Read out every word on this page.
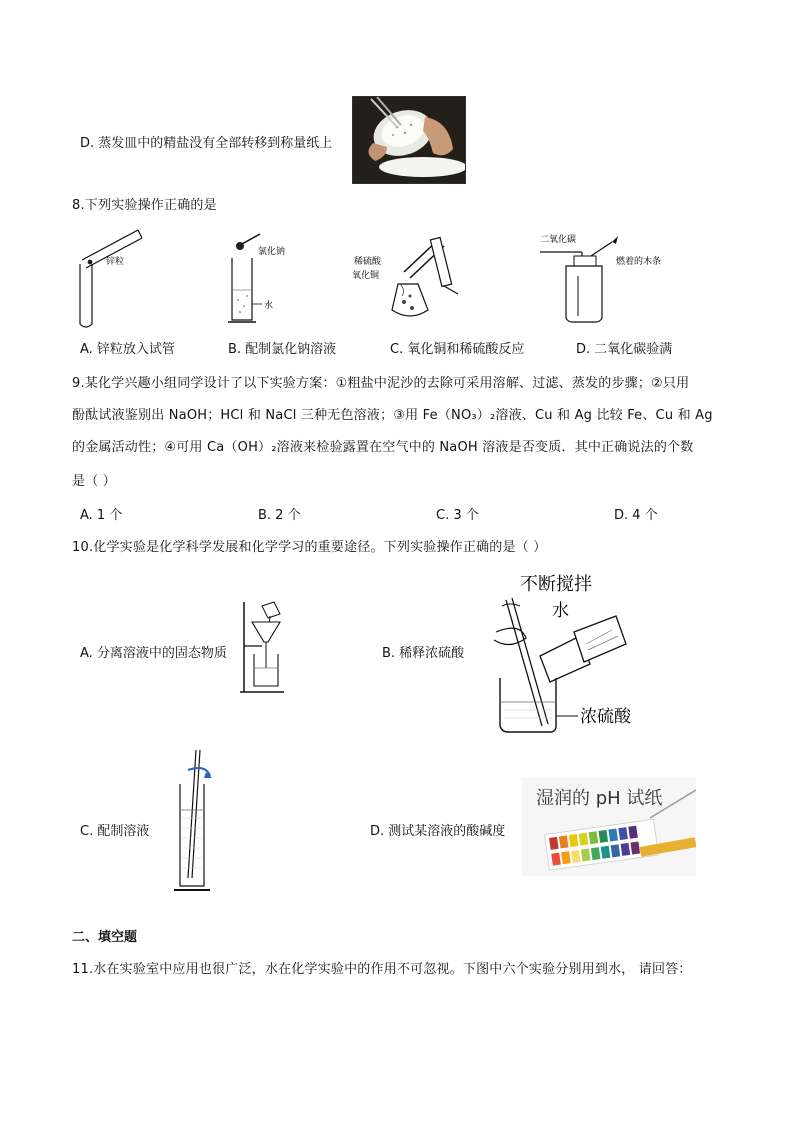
D. 蒸发皿中的精盐没有全部转移到称量纸上
8.下列实验操作正确的是
锌粒
氯化钠
水
稀硫酸
氧化铜
二氧化碳
燃着的木条
A. 锌粒放入试管	B. 配制氯化钠溶液	C. 氧化铜和稀硫酸反应	D. 二氧化碳验满
9.某化学兴趣小组同学设计了以下实验方案：①粗盐中泥沙的去除可采用溶解、过滤、蒸发的步骤；②只用
酚酞试液鉴别出 NaOH；HCl 和 NaCl 三种无色溶液；③用 Fe（NO₃）₂溶液、Cu 和 Ag 比较 Fe、Cu 和 Ag
的金属活动性；④可用 Ca（OH）₂溶液来检验露置在空气中的 NaOH 溶液是否变质．其中正确说法的个数
是（ ）
A. 1 个	B. 2 个	C. 3 个	D. 4 个
10.化学实验是化学科学发展和化学学习的重要途径。下列实验操作正确的是（ ）
A. 分离溶液中的固态物质	B. 稀释浓硫酸
不断搅拌
水
浓硫酸
C. 配制溶液	D. 测试某溶液的酸碱度
湿润的 pH 试纸
二、填空题
11.水在实验室中应用也很广泛，水在化学实验中的作用不可忽视。下图中六个实验分别用到水， 请回答：
